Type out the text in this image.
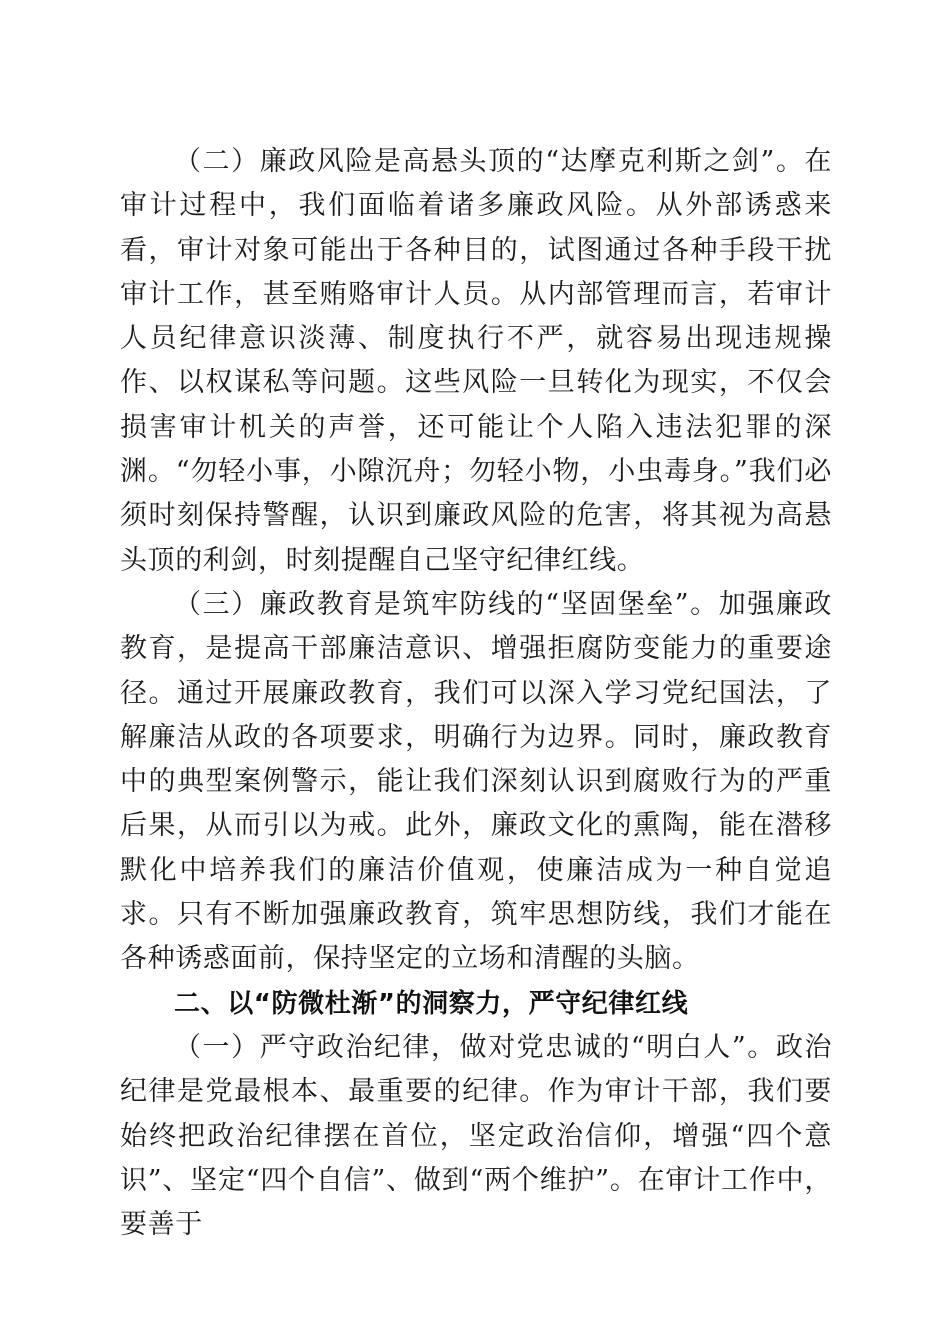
（二）廉政风险是高悬头顶的“达摩克利斯之剑”。在审计过程中，我们面临着诸多廉政风险。从外部诱惑来看，审计对象可能出于各种目的，试图通过各种手段干扰审计工作，甚至贿赂审计人员。从内部管理而言，若审计人员纪律意识淡薄、制度执行不严，就容易出现违规操作、以权谋私等问题。这些风险一旦转化为现实，不仅会损害审计机关的声誉，还可能让个人陷入违法犯罪的深渊。“勿轻小事，小隙沉舟；勿轻小物，小虫毒身。”我们必须时刻保持警醒，认识到廉政风险的危害，将其视为高悬头顶的利剑，时刻提醒自己坚守纪律红线。

（三）廉政教育是筑牢防线的“坚固堡垒”。加强廉政教育，是提高干部廉洁意识、增强拒腐防变能力的重要途径。通过开展廉政教育，我们可以深入学习党纪国法，了解廉洁从政的各项要求，明确行为边界。同时，廉政教育中的典型案例警示，能让我们深刻认识到腐败行为的严重后果，从而引以为戒。此外，廉政文化的熏陶，能在潜移默化中培养我们的廉洁价值观，使廉洁成为一种自觉追求。只有不断加强廉政教育，筑牢思想防线，我们才能在各种诱惑面前，保持坚定的立场和清醒的头脑。

二、以“防微杜渐”的洞察力，严守纪律红线

（一）严守政治纪律，做对党忠诚的“明白人”。政治纪律是党最根本、最重要的纪律。作为审计干部，我们要始终把政治纪律摆在首位，坚定政治信仰，增强“四个意识”、坚定“四个自信”、做到“两个维护”。在审计工作中，要善于
